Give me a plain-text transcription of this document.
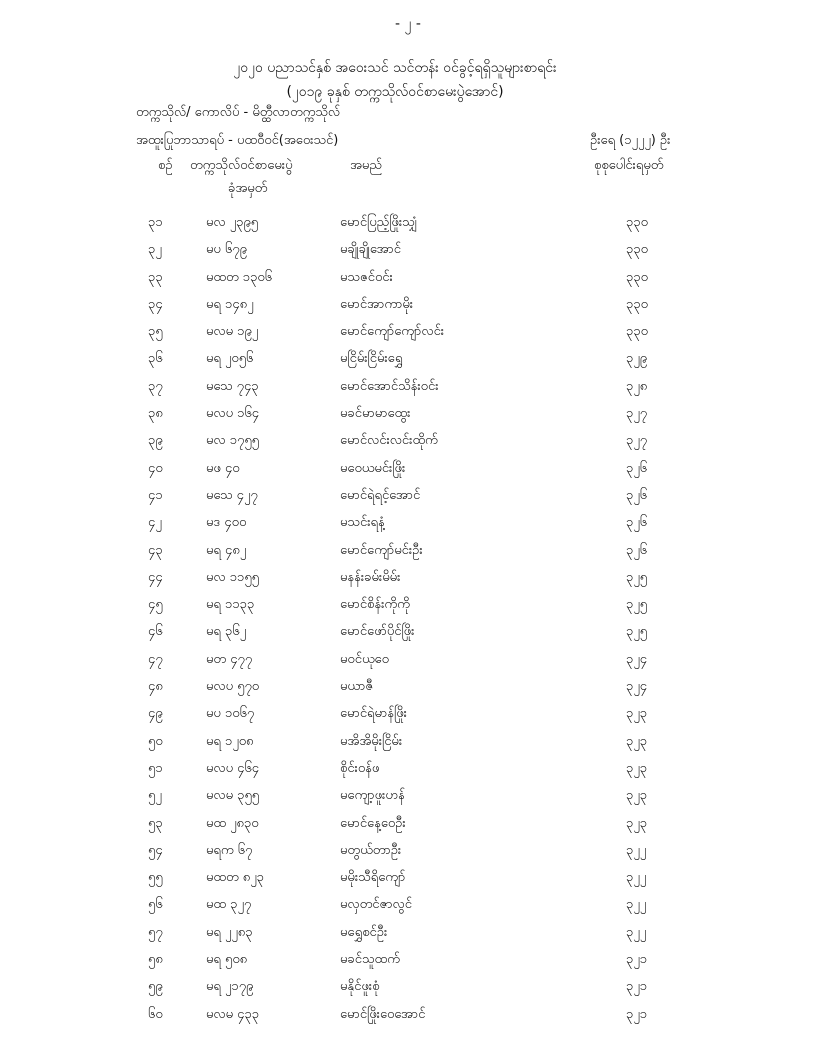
- ၂ -
၂၀၂၀ ပညာသင်နှစ် အဝေးသင် သင်တန်း ဝင်ခွင့်ရရှိသူများစာရင်း
(၂၀၁၉ ခုနှစ် တက္ကသိုလ်ဝင်စာမေးပွဲအောင်)
တက္ကသိုလ်/ ကောလိပ် - မိတ္ထီလာတက္ကသိုလ်
အထူးပြုဘာသာရပ် - ပထဝီဝင်(အဝေးသင်)	ဦးရေ (၁၂၂၂) ဦး
စဉ် တက္ကသိုလ်ဝင်စာမေးပွဲ
ခုံအမှတ်
အမည်	စုစုပေါင်းရမှတ်
၃၁	မလ ၂၃၉၅	မောင်ပြည့်ဖြိုးသျှံ	၃၃၀
၃၂	မပ ၆၇၉	မချိုချိုအောင်	၃၃၀
၃၃	မထတ ၁၃၀၆	မသဇင်ဝင်း	၃၃၀
၃၄	မရ ၁၄၈၂	မောင်အာကာမိုး	၃၃၀
၃၅	မလမ ၁၉၂	မောင်ကျော်ကျော်လင်း	၃၃၀
၃၆	မရ ၂၀၅၆	မငြိမ်းငြိမ်းရွှေ	၃၂၉
၃၇	မသေ ၇၄၃	မောင်အောင်သိန်းဝင်း	၃၂၈
၃၈	မလပ ၁၆၄	မခင်မာမာထွေး	၃၂၇
၃၉	မလ ၁၇၅၅	မောင်လင်းလင်းထိုက်	၃၂၇
၄၀	မဖ ၄၀	မဝေယမင်းဖြိုး	၃၂၆
၄၁	မသေ ၄၂၇	မောင်ရဲရင့်အောင်	၃၂၆
၄၂	မဒ ၄၀၀	မသင်းရနံ့	၃၂၆
၄၃	မရ ၄၈၂	မောင်ကျော်မင်းဦး	၃၂၆
၄၄	မလ ၁၁၅၅	မနန်းခမ်းမိမ်း	၃၂၅
၄၅	မရ ၁၁၃၃	မောင်စိန်းကိုကို	၃၂၅
၄၆	မရ ၃၆၂	မောင်ဖော်ပိုင်ဖြိုး	၃၂၅
၄၇	မတ ၄၇၇	မဝင်ယုဝေ	၃၂၄
၄၈	မလပ ၅၇၀	မယာဇီ	၃၂၄
၄၉	မပ ၁၀၆၇	မောင်ရဲမာန်ဖြိုး	၃၂၃
၅၀	မရ ၁၂၀၈	မအိအိမိုးငြိမ်း	၃၂၃
၅၁	မလပ ၄၆၄	စိုင်းဝန်ဖ	၃၂၃
၅၂	မလမ ၃၅၅	မကျော့ဖူးဟန်	၃၂၃
၅၃	မထ ၂၈၃၀	မောင်နေ့ဝေဦး	၃၂၃
၅၄	မရက ၆၇	မတွယ်တာဦး	၃၂၂
၅၅	မထတ ၈၂၃	မမိုးသီရိကျော်	၃၂၂
၅၆	မထ ၃၂၇	မလှတင်ဇာလွင်	၃၂၂
၅၇	မရ ၂၂၈၃	မရွှေစင်ဦး	၃၂၂
၅၈	မရ ၅၀၈	မခင်သူထက်	၃၂၁
၅၉	မရ ၂၁၇၉	မနိုင်ဖူးစုံ	၃၂၁
၆၀	မလမ ၄၃၃	မောင်ဖြိုးဝေအောင်	၃၂၁
